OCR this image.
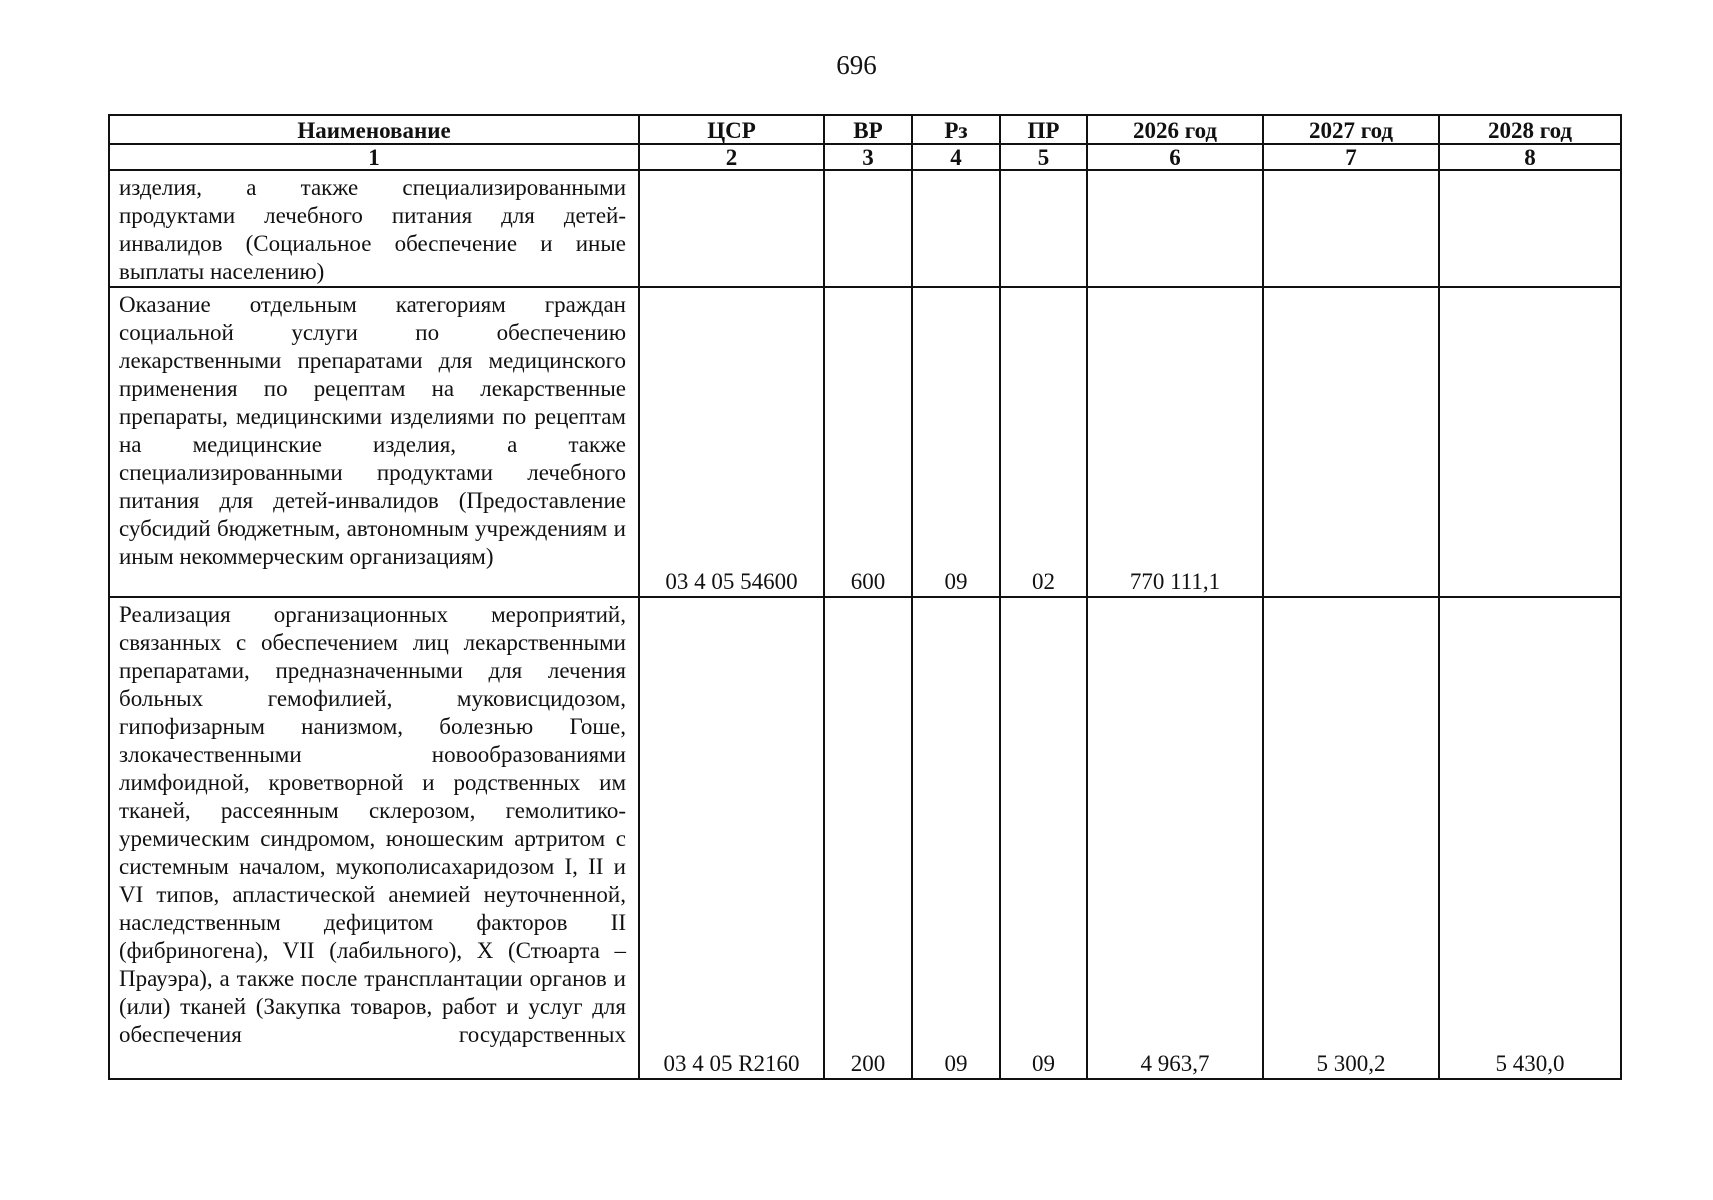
696
Наименование	ЦСР	ВР	Рз	ПР	2026 год	2027 год	2028 год
1	2	3	4	5	6	7	8
изделия, а также специализированными продуктами лечебного питания для детей-инвалидов (Социальное обеспечение и иные выплаты населению)							
Оказание отдельным категориям граждан социальной услуги по обеспечению лекарственными препаратами для медицинского применения по рецептам на лекарственные препараты, медицинскими изделиями по рецептам на медицинские изделия, а также специализированными продуктами лечебного питания для детей-инвалидов (Предоставление субсидий бюджетным, автономным учреждениям и иным некоммерческим организациям)	03 4 05 54600	600	09	02	770 111,1		
Реализация организационных мероприятий, связанных с обеспечением лиц лекарственными препаратами, предназначенными для лечения больных гемофилией, муковисцидозом, гипофизарным нанизмом, болезнью Гоше, злокачественными новообразованиями лимфоидной, кроветворной и родственных им тканей, рассеянным склерозом, гемолитико-уремическим синдромом, юношеским артритом с системным началом, мукополисахаридозом I, II и VI типов, апластической анемией неуточненной, наследственным дефицитом факторов II (фибриногена), VII (лабильного), X (Стюарта – Прауэра), а также после трансплантации органов и (или) тканей (Закупка товаров, работ и услуг для обеспечения государственных	03 4 05 R2160	200	09	09	4 963,7	5 300,2	5 430,0
